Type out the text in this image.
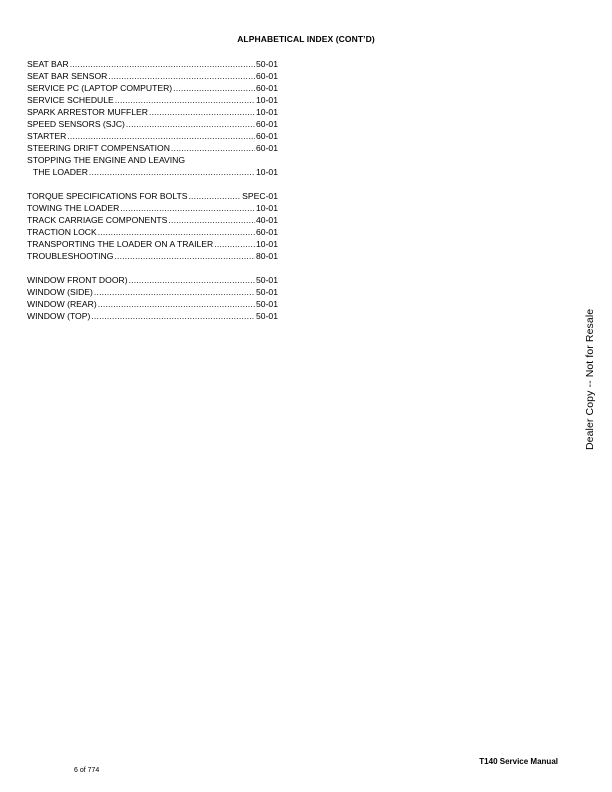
ALPHABETICAL INDEX (CONT’D)
SEAT BAR .....	50-01
SEAT BAR SENSOR .....	60-01
SERVICE PC (LAPTOP COMPUTER) .....	60-01
SERVICE SCHEDULE .....	10-01
SPARK ARRESTOR MUFFLER .....	10-01
SPEED SENSORS (SJC) .....	60-01
STARTER .....	60-01
STEERING DRIFT COMPENSATION .....	60-01
STOPPING THE ENGINE AND LEAVING
THE LOADER .....	10-01
TORQUE SPECIFICATIONS FOR BOLTS .....	SPEC-01
TOWING THE LOADER .....	10-01
TRACK CARRIAGE COMPONENTS .....	40-01
TRACTION LOCK .....	60-01
TRANSPORTING THE LOADER ON A TRAILER .....	10-01
TROUBLESHOOTING .....	80-01
WINDOW FRONT DOOR) .....	50-01
WINDOW (SIDE) .....	50-01
WINDOW (REAR) .....	50-01
WINDOW (TOP) .....	50-01	Dealer Copy -- Not for Resale
T140 Service Manual
6 of 774
